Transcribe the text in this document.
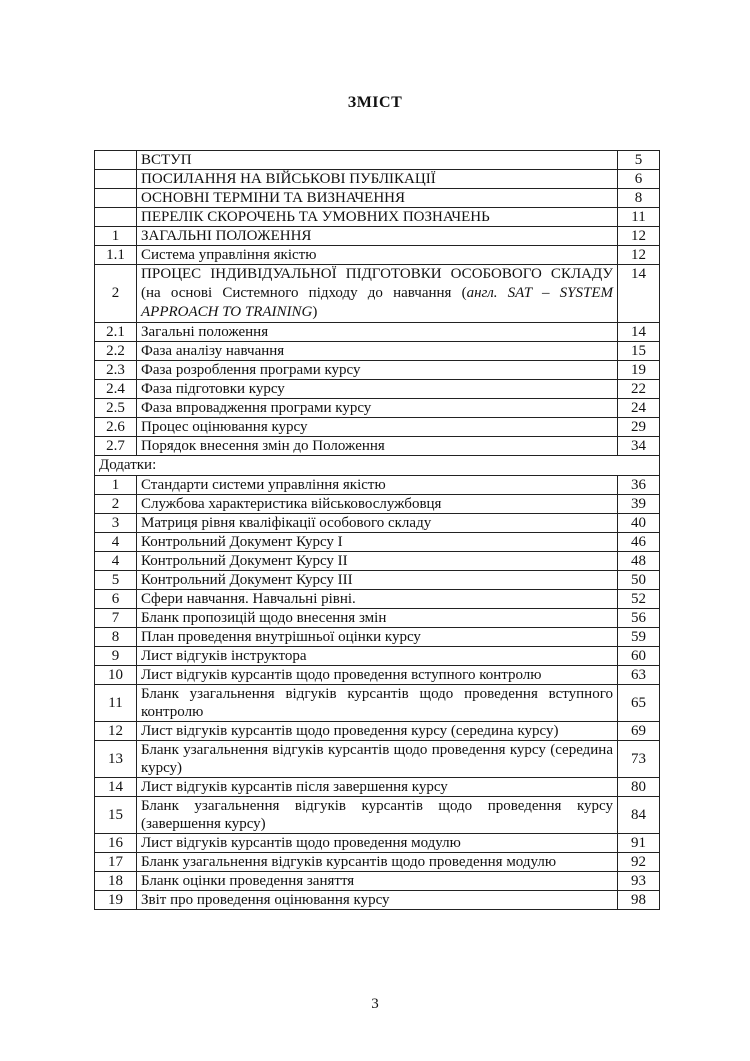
ЗМІСТ
	ВСТУП	5
	ПОСИЛАННЯ НА ВІЙСЬКОВІ ПУБЛІКАЦІЇ	6
	ОСНОВНІ ТЕРМІНИ ТА ВИЗНАЧЕННЯ	8
	ПЕРЕЛІК СКОРОЧЕНЬ ТА УМОВНИХ ПОЗНАЧЕНЬ	11
1	ЗАГАЛЬНІ ПОЛОЖЕННЯ	12
1.1	Система управління якістю	12
2	ПРОЦЕС ІНДИВІДУАЛЬНОЇ ПІДГОТОВКИ ОСОБОВОГО СКЛАДУ (на основі Системного підходу до навчання (англ. SAT – SYSTEM APPROACH TO TRAINING)	14
2.1	Загальні положення	14
2.2	Фаза аналізу навчання	15
2.3	Фаза розроблення програми курсу	19
2.4	Фаза підготовки курсу	22
2.5	Фаза впровадження програми курсу	24
2.6	Процес оцінювання курсу	29
2.7	Порядок внесення змін до Положення	34
Додатки:		
1	Стандарти системи управління якістю	36
2	Службова характеристика військовослужбовця	39
3	Матриця рівня кваліфікації особового складу	40
4	Контрольний Документ Курсу I	46
4	Контрольний Документ Курсу II	48
5	Контрольний Документ Курсу III	50
6	Сфери навчання. Навчальні рівні.	52
7	Бланк пропозицій щодо внесення змін	56
8	План проведення внутрішньої оцінки курсу	59
9	Лист відгуків інструктора	60
10	Лист відгуків курсантів щодо проведення вступного контролю	63
11	Бланк узагальнення відгуків курсантів щодо проведення вступного контролю	65
12	Лист відгуків курсантів щодо проведення курсу (середина курсу)	69
13	Бланк узагальнення відгуків курсантів щодо проведення курсу (середина курсу)	73
14	Лист відгуків курсантів після завершення курсу	80
15	Бланк узагальнення відгуків курсантів щодо проведення курсу (завершення курсу)	84
16	Лист відгуків курсантів щодо проведення модулю	91
17	Бланк узагальнення відгуків курсантів щодо проведення модулю	92
18	Бланк оцінки проведення заняття	93
19	Звіт про проведення оцінювання курсу	98
3
